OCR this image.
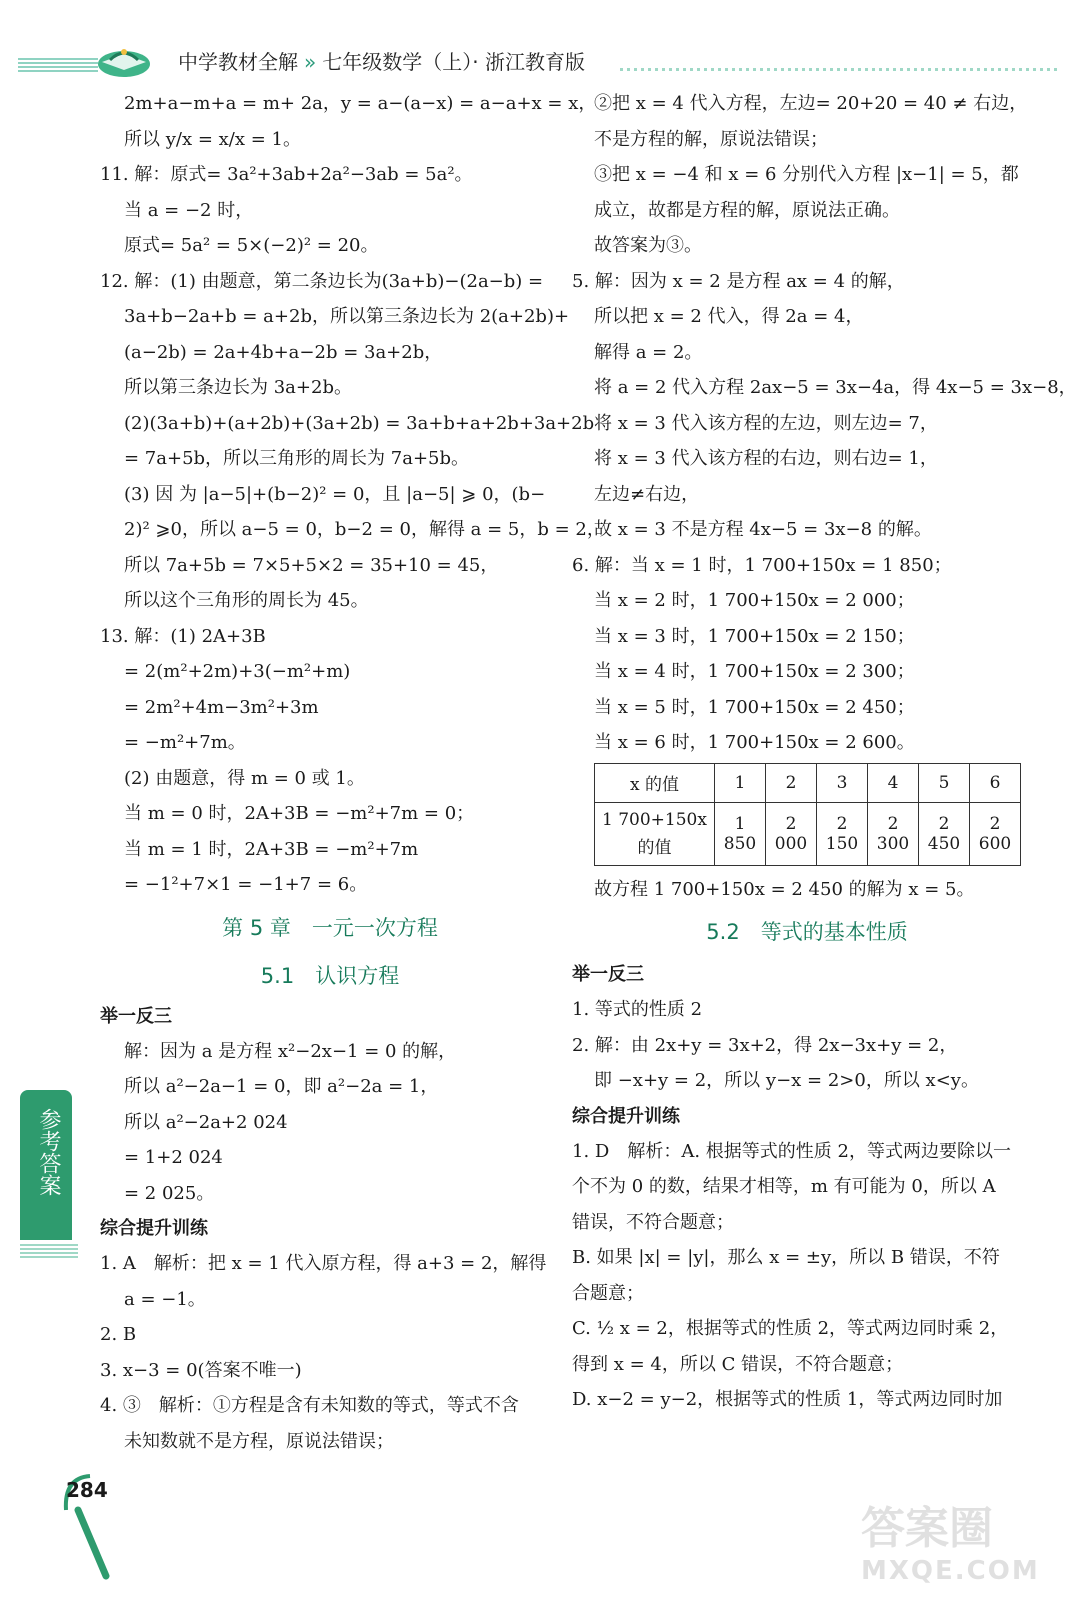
中学教材全解 » 七年级数学（上）· 浙江教育版
2m+a−m+a = m+ 2a，y = a−(a−x) = a−a+x = x，
所以 y/x = x/x = 1。
11. 解：原式= 3a²+3ab+2a²−3ab = 5a²。
当 a = −2 时，
原式= 5a² = 5×(−2)² = 20。
12. 解：(1) 由题意，第二条边长为(3a+b)−(2a−b) =
3a+b−2a+b = a+2b，所以第三条边长为 2(a+2b)+
(a−2b) = 2a+4b+a−2b = 3a+2b，
所以第三条边长为 3a+2b。
(2)(3a+b)+(a+2b)+(3a+2b) = 3a+b+a+2b+3a+2b
= 7a+5b，所以三角形的周长为 7a+5b。
(3) 因 为 |a−5|+(b−2)² = 0，且 |a−5| ⩾ 0，(b−
2)² ⩾0，所以 a−5 = 0，b−2 = 0，解得 a = 5，b = 2，
所以 7a+5b = 7×5+5×2 = 35+10 = 45，
所以这个三角形的周长为 45。
13. 解：(1) 2A+3B
= 2(m²+2m)+3(−m²+m)
= 2m²+4m−3m²+3m
= −m²+7m。
(2) 由题意，得 m = 0 或 1。
当 m = 0 时，2A+3B = −m²+7m = 0；
当 m = 1 时，2A+3B = −m²+7m
= −1²+7×1 = −1+7 = 6。
第 5 章　一元一次方程
5.1　认识方程
举一反三
解：因为 a 是方程 x²−2x−1 = 0 的解，
所以 a²−2a−1 = 0，即 a²−2a = 1，
所以 a²−2a+2 024
= 1+2 024
= 2 025。
综合提升训练
1. A　解析：把 x = 1 代入原方程，得 a+3 = 2，解得
a = −1。
2. B
3. x−3 = 0(答案不唯一)
4. ③　解析：①方程是含有未知数的等式，等式不含
未知数就不是方程，原说法错误；
②把 x = 4 代入方程，左边= 20+20 = 40 ≠ 右边，
不是方程的解，原说法错误；
③把 x = −4 和 x = 6 分别代入方程 |x−1| = 5，都
成立，故都是方程的解，原说法正确。
故答案为③。
5. 解：因为 x = 2 是方程 ax = 4 的解，
所以把 x = 2 代入，得 2a = 4，
解得 a = 2。
将 a = 2 代入方程 2ax−5 = 3x−4a，得 4x−5 = 3x−8，
将 x = 3 代入该方程的左边，则左边= 7，
将 x = 3 代入该方程的右边，则右边= 1，
左边≠右边，
故 x = 3 不是方程 4x−5 = 3x−8 的解。
6. 解：当 x = 1 时，1 700+150x = 1 850；
当 x = 2 时，1 700+150x = 2 000；
当 x = 3 时，1 700+150x = 2 150；
当 x = 4 时，1 700+150x = 2 300；
当 x = 5 时，1 700+150x = 2 450；
当 x = 6 时，1 700+150x = 2 600。
x 的值	1	2	3	4	5	6
1 700+150x 的值	1 850	2 000	2 150	2 300	2 450	2 600
故方程 1 700+150x = 2 450 的解为 x = 5。
5.2　等式的基本性质
举一反三
1. 等式的性质 2
2. 解：由 2x+y = 3x+2，得 2x−3x+y = 2，
即 −x+y = 2，所以 y−x = 2>0，所以 x<y。
综合提升训练
1. D　解析：A. 根据等式的性质 2，等式两边要除以一
个不为 0 的数，结果才相等，m 有可能为 0，所以 A
错误，不符合题意；
B. 如果 |x| = |y|，那么 x = ±y，所以 B 错误，不符
合题意；
C. ½ x = 2，根据等式的性质 2，等式两边同时乘 2，
得到 x = 4，所以 C 错误，不符合题意；
D. x−2 = y−2，根据等式的性质 1，等式两边同时加
参考答案
284
答案圈
MXQE.COM
